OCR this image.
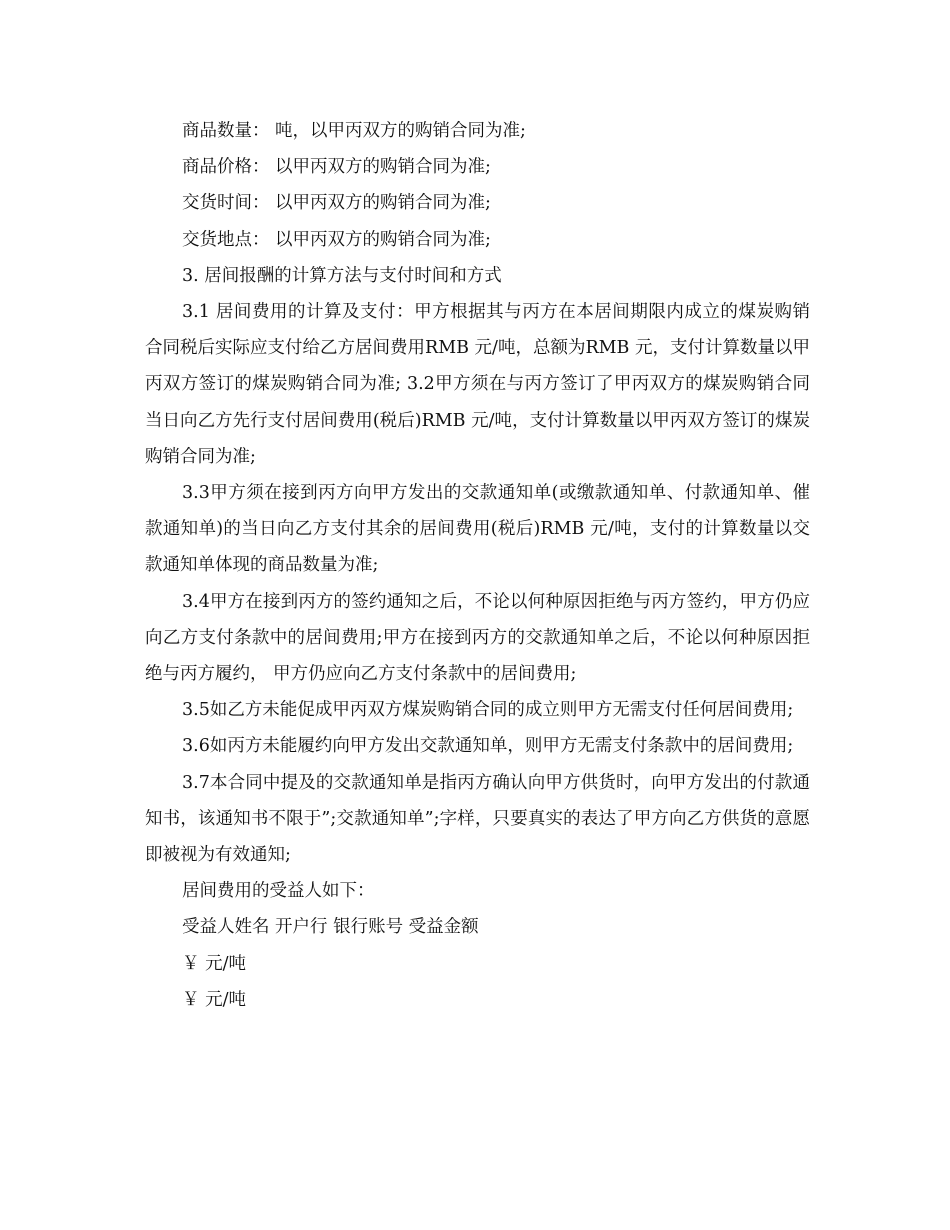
商品数量： 吨，以甲丙双方的购销合同为准;

商品价格： 以甲丙双方的购销合同为准;

交货时间： 以甲丙双方的购销合同为准;

交货地点： 以甲丙双方的购销合同为准;

3. 居间报酬的计算方法与支付时间和方式

3.1 居间费用的计算及支付：甲方根据其与丙方在本居间期限内成立的煤炭购销合同税后实际应支付给乙方居间费用RMB 元/吨，总额为RMB 元，支付计算数量以甲丙双方签订的煤炭购销合同为准; 3.2甲方须在与丙方签订了甲丙双方的煤炭购销合同当日向乙方先行支付居间费用(税后)RMB 元/吨，支付计算数量以甲丙双方签订的煤炭购销合同为准;

3.3甲方须在接到丙方向甲方发出的交款通知单(或缴款通知单、付款通知单、催款通知单)的当日向乙方支付其余的居间费用(税后)RMB 元/吨，支付的计算数量以交款通知单体现的商品数量为准;

3.4甲方在接到丙方的签约通知之后，不论以何种原因拒绝与丙方签约，甲方仍应向乙方支付条款中的居间费用;甲方在接到丙方的交款通知单之后，不论以何种原因拒绝与丙方履约， 甲方仍应向乙方支付条款中的居间费用;

3.5如乙方未能促成甲丙双方煤炭购销合同的成立则甲方无需支付任何居间费用;

3.6如丙方未能履约向甲方发出交款通知单，则甲方无需支付条款中的居间费用;

3.7本合同中提及的交款通知单是指丙方确认向甲方供货时，向甲方发出的付款通知书，该通知书不限于”;交款通知单”;字样，只要真实的表达了甲方向乙方供货的意愿即被视为有效通知;

居间费用的受益人如下：

受益人姓名 开户行 银行账号 受益金额

￥ 元/吨

￥ 元/吨
